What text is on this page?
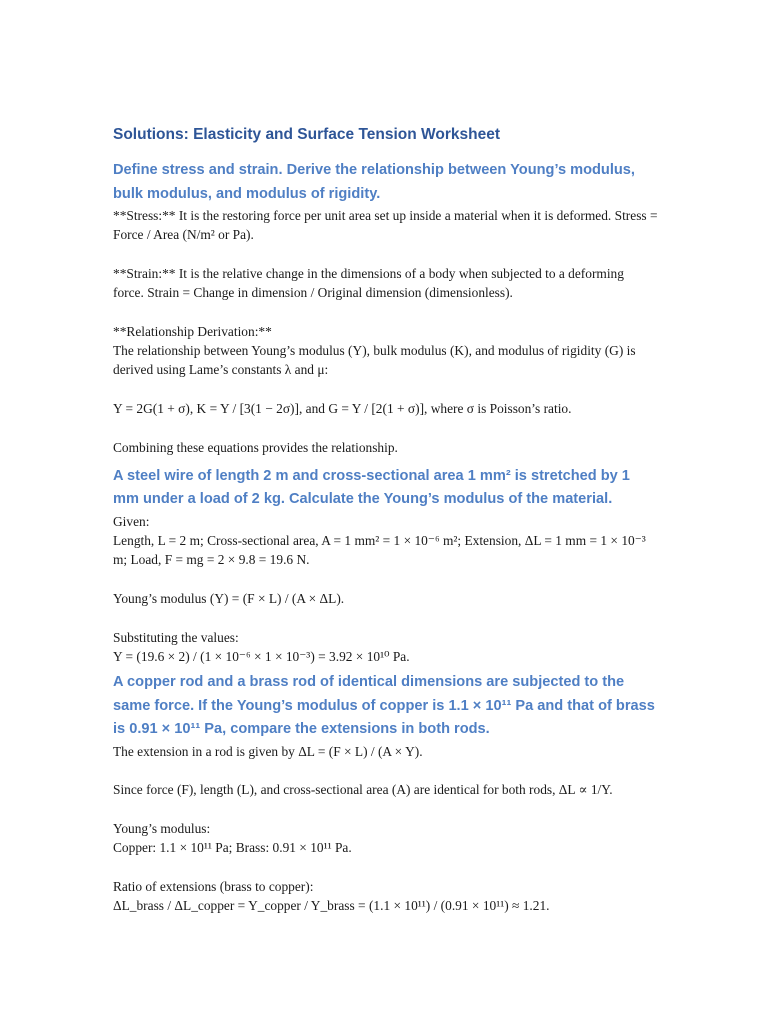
Solutions: Elasticity and Surface Tension Worksheet
Define stress and strain. Derive the relationship between Young’s modulus, bulk modulus, and modulus of rigidity.

**Stress:** It is the restoring force per unit area set up inside a material when it is deformed. Stress = Force / Area (N/m² or Pa).

**Strain:** It is the relative change in the dimensions of a body when subjected to a deforming force. Strain = Change in dimension / Original dimension (dimensionless).

**Relationship Derivation:**

The relationship between Young’s modulus (Y), bulk modulus (K), and modulus of rigidity (G) is derived using Lame’s constants λ and μ:

Y = 2G(1 + σ), K = Y / [3(1 − 2σ)], and G = Y / [2(1 + σ)], where σ is Poisson’s ratio.

Combining these equations provides the relationship.

A steel wire of length 2 m and cross-sectional area 1 mm² is stretched by 1 mm under a load of 2 kg. Calculate the Young’s modulus of the material.

Given:

Length, L = 2 m; Cross-sectional area, A = 1 mm² = 1 × 10⁻⁶ m²; Extension, ΔL = 1 mm = 1 × 10⁻³ m; Load, F = mg = 2 × 9.8 = 19.6 N.

Young’s modulus (Y) = (F × L) / (A × ΔL).

Substituting the values:

Y = (19.6 × 2) / (1 × 10⁻⁶ × 1 × 10⁻³) = 3.92 × 10¹⁰ Pa.

A copper rod and a brass rod of identical dimensions are subjected to the same force. If the Young’s modulus of copper is 1.1 × 10¹¹ Pa and that of brass is 0.91 × 10¹¹ Pa, compare the extensions in both rods.

The extension in a rod is given by ΔL = (F × L) / (A × Y).

Since force (F), length (L), and cross-sectional area (A) are identical for both rods, ΔL ∝ 1/Y.

Young’s modulus:

Copper: 1.1 × 10¹¹ Pa; Brass: 0.91 × 10¹¹ Pa.

Ratio of extensions (brass to copper):

ΔL_brass / ΔL_copper = Y_copper / Y_brass = (1.1 × 10¹¹) / (0.91 × 10¹¹) ≈ 1.21.
